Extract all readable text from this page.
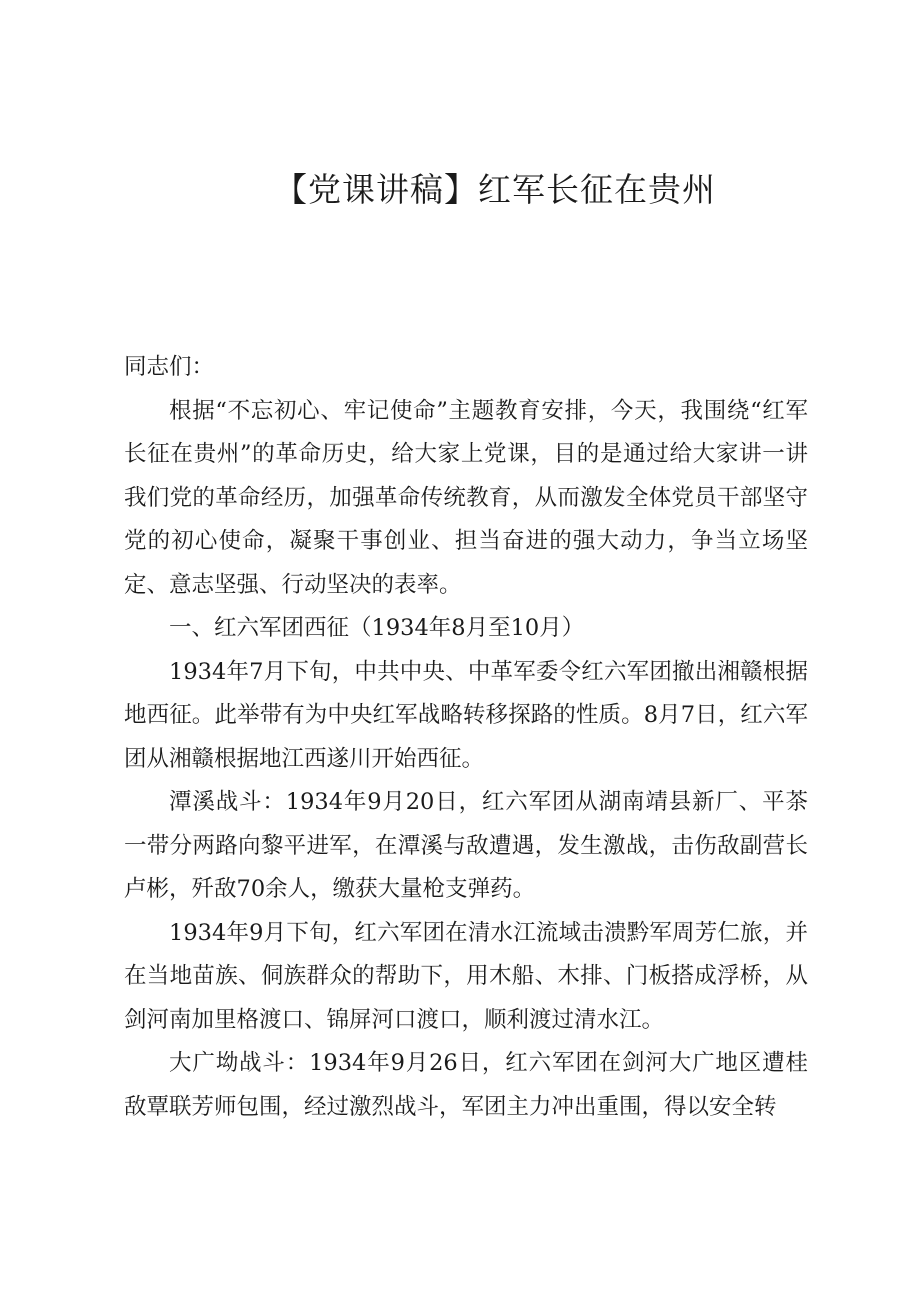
【党课讲稿】红军长征在贵州

同志们：

根据“不忘初心、牢记使命”主题教育安排，今天，我围绕“红军长征在贵州”的革命历史，给大家上党课，目的是通过给大家讲一讲我们党的革命经历，加强革命传统教育，从而激发全体党员干部坚守党的初心使命，凝聚干事创业、担当奋进的强大动力，争当立场坚定、意志坚强、行动坚决的表率。

一、红六军团西征（1934年8月至10月）

1934年7月下旬，中共中央、中革军委令红六军团撤出湘赣根据地西征。此举带有为中央红军战略转移探路的性质。8月7日，红六军团从湘赣根据地江西遂川开始西征。

潭溪战斗：1934年9月20日，红六军团从湖南靖县新厂、平茶一带分两路向黎平进军，在潭溪与敌遭遇，发生激战，击伤敌副营长卢彬，歼敌70余人，缴获大量枪支弹药。

1934年9月下旬，红六军团在清水江流域击溃黔军周芳仁旅，并在当地苗族、侗族群众的帮助下，用木船、木排、门板搭成浮桥，从剑河南加里格渡口、锦屏河口渡口，顺利渡过清水江。

大广坳战斗：1934年9月26日，红六军团在剑河大广地区遭桂敌覃联芳师包围，经过激烈战斗，军团主力冲出重围，得以安全转
